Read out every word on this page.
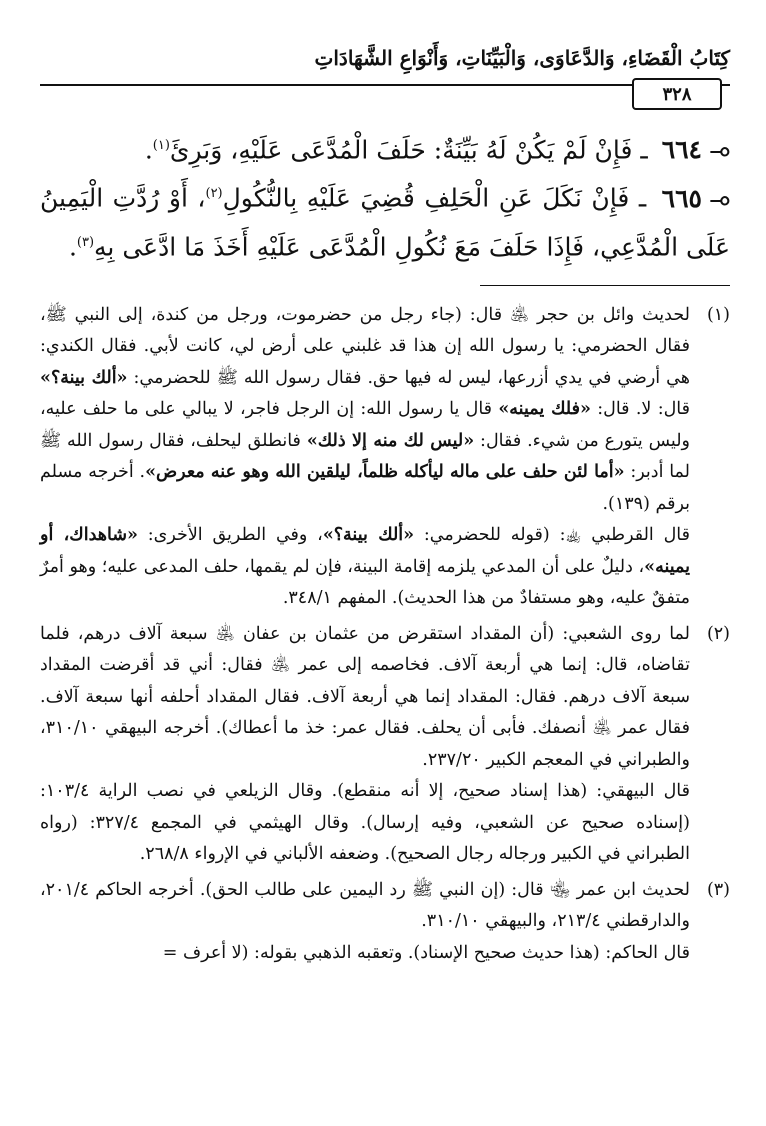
كِتَابُ الْقَضَاءِ، وَالدَّعَاوَى، وَالْبَيِّنَاتِ، وَأَنْوَاعِ الشَّهَادَاتِ
٣٢٨

⟜٦٦٤ ـ فَإِنْ لَمْ يَكُنْ لَهُ بَيِّنَةٌ: حَلَفَ الْمُدَّعَى عَلَيْهِ، وَبَرِئَ$^{(١)}$.

⟜٦٦٥ ـ فَإِنْ نَكَلَ عَنِ الْحَلِفِ قُضِيَ عَلَيْهِ بِالنُّكُولِ$^{(٢)}$، أَوْ رُدَّتِ الْيَمِينُ عَلَى الْمُدَّعِي، فَإِذَا حَلَفَ مَعَ نُكُولِ الْمُدَّعَى عَلَيْهِ أَخَذَ مَا ادَّعَى بِهِ$^{(٣)}$.

(١)

لحديث وائل بن حجر ﵁ قال: (جاء رجل من حضرموت، ورجل من كندة، إلى النبي ﷺ، فقال الحضرمي: يا رسول الله إن هذا قد غلبني على أرض لي، كانت لأبي. فقال الكندي: هي أرضي في يدي أزرعها، ليس له فيها حق. فقال رسول الله ﷺ للحضرمي: «ألك بينة؟» قال: لا. قال: «فلك يمينه» قال يا رسول الله: إن الرجل فاجر، لا يبالي على ما حلف عليه، وليس يتورع من شيء. فقال: «ليس لك منه إلا ذلك» فانطلق ليحلف، فقال رسول الله ﷺ لما أدبر: «أما لئن حلف على ماله ليأكله ظلماً، ليلقين الله وهو عنه معرض». أخرجه مسلم برقم (١٣٩).

قال القرطبي ﵀: (قوله للحضرمي: «ألك بينة؟»، وفي الطريق الأخرى: «شاهداك، أو يمينه»، دليلٌ على أن المدعي يلزمه إقامة البينة، فإن لم يقمها، حلف المدعى عليه؛ وهو أمرٌ متفقٌ عليه، وهو مستفادٌ من هذا الحديث). المفهم ٣٤٨/١.

(٢)

لما روى الشعبي: (أن المقداد استقرض من عثمان بن عفان ﵁ سبعة آلاف درهم، فلما تقاضاه، قال: إنما هي أربعة آلاف. فخاصمه إلى عمر ﵁ فقال: أني قد أقرضت المقداد سبعة آلاف درهم. فقال: المقداد إنما هي أربعة آلاف. فقال المقداد أحلفه أنها سبعة آلاف. فقال عمر ﵁ أنصفك. فأبى أن يحلف. فقال عمر: خذ ما أعطاك). أخرجه البيهقي ٣١٠/١٠، والطبراني في المعجم الكبير ٢٣٧/٢٠.

قال البيهقي: (هذا إسناد صحيح، إلا أنه منقطع). وقال الزيلعي في نصب الراية ١٠٣/٤: (إسناده صحيح عن الشعبي، وفيه إرسال). وقال الهيثمي في المجمع ٣٢٧/٤: (رواه الطبراني في الكبير ورجاله رجال الصحيح). وضعفه الألباني في الإرواء ٢٦٨/٨.

(٣)

لحديث ابن عمر ﵄ قال: (إن النبي ﷺ رد اليمين على طالب الحق). أخرجه الحاكم ٢٠١/٤، والدارقطني ٢١٣/٤، والبيهقي ٣١٠/١٠.

قال الحاكم: (هذا حديث صحيح الإسناد). وتعقبه الذهبي بقوله: (لا أعرف =
